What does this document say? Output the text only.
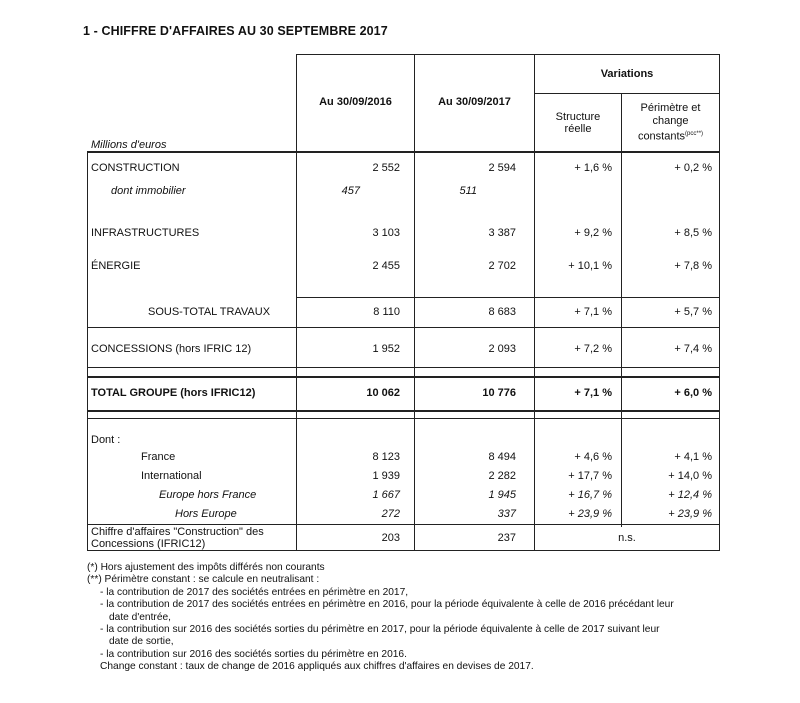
1 - CHIFFRE D'AFFAIRES AU 30 SEPTEMBRE 2017
Au 30/09/2016	Au 30/09/2017
Variations
Structure
réelle
Périmètre et
change
constants$^{(pcc**)}$
Millions d'euros
CONSTRUCTION	2 552	2 594	+ 1,6 %	+ 0,2 %
dont immobilier	457	511
INFRASTRUCTURES	3 103	3 387	+ 9,2 %	+ 8,5 %
ÉNERGIE	2 455	2 702	+ 10,1 %	+ 7,8 %
SOUS-TOTAL TRAVAUX	8 110	8 683	+ 7,1 %	+ 5,7 %
CONCESSIONS (hors IFRIC 12)	1 952	2 093	+ 7,2 %	+ 7,4 %
TOTAL GROUPE (hors IFRIC12)	10 062	10 776	+ 7,1 %	+ 6,0 %
Dont :
France	8 123	8 494	+ 4,6 %	+ 4,1 %
International	1 939	2 282	+ 17,7 %	+ 14,0 %
Europe hors France	1 667	1 945	+ 16,7 %	+ 12,4 %
Hors Europe	272	337	+ 23,9 %	+ 23,9 %
Chiffre d'affaires "Construction" des
Concessions (IFRIC12)	203	237	n.s.
(*) Hors ajustement des impôts différés non courants
(**) Périmètre constant : se calcule en neutralisant :
- la contribution de 2017 des sociétés entrées en périmètre en 2017,
- la contribution de 2017 des sociétés entrées en périmètre en 2016, pour la période équivalente à celle de 2016 précédant leur
date d'entrée,
- la contribution sur 2016 des sociétés sorties du périmètre en 2017, pour la période équivalente à celle de 2017 suivant leur
date de sortie,
- la contribution sur 2016 des sociétés sorties du périmètre en 2016.
Change constant : taux de change de 2016 appliqués aux chiffres d'affaires en devises de 2017.
